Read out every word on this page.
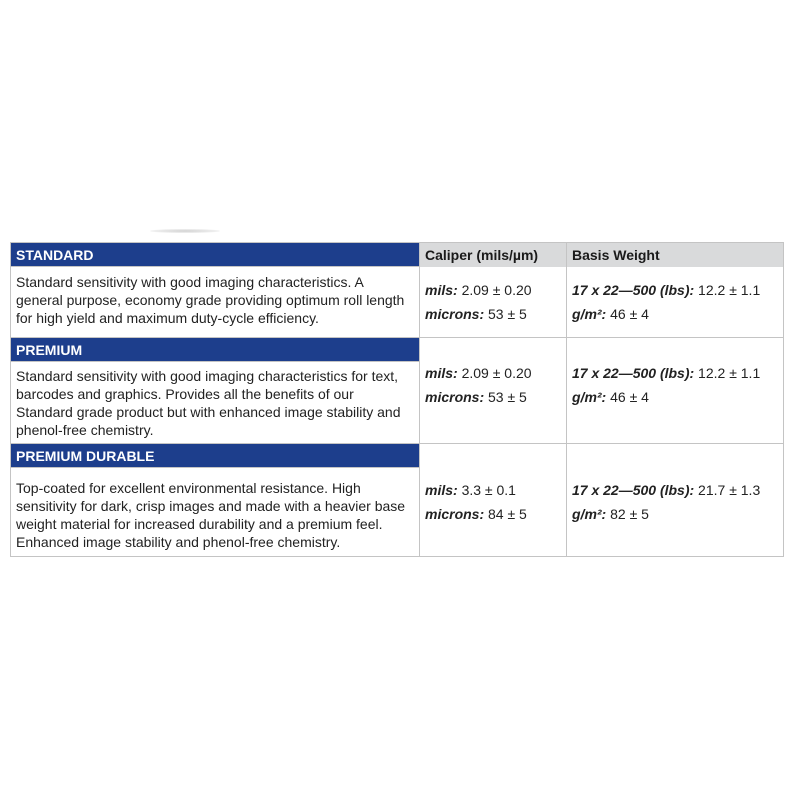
STANDARD
Standard sensitivity with good imaging characteristics. A general purpose, economy grade providing optimum roll length for high yield and maximum duty-cycle efficiency.
Caliper (mils/µm)
mils: 2.09 ± 0.20
microns: 53 ± 5
Basis Weight
17 x 22—500 (lbs): 12.2 ± 1.1
g/m²: 46 ± 4
PREMIUM
Standard sensitivity with good imaging characteristics for text, barcodes and graphics. Provides all the benefits of our Standard grade product but with enhanced image stability and phenol-free chemistry.
mils: 2.09 ± 0.20
microns: 53 ± 5
17 x 22—500 (lbs): 12.2 ± 1.1
g/m²: 46 ± 4
PREMIUM DURABLE
Top-coated for excellent environmental resistance. High sensitivity for dark, crisp images and made with a heavier base weight material for increased durability and a premium feel. Enhanced image stability and phenol-free chemistry.
mils: 3.3 ± 0.1
microns: 84 ± 5
17 x 22—500 (lbs): 21.7 ± 1.3
g/m²: 82 ± 5
